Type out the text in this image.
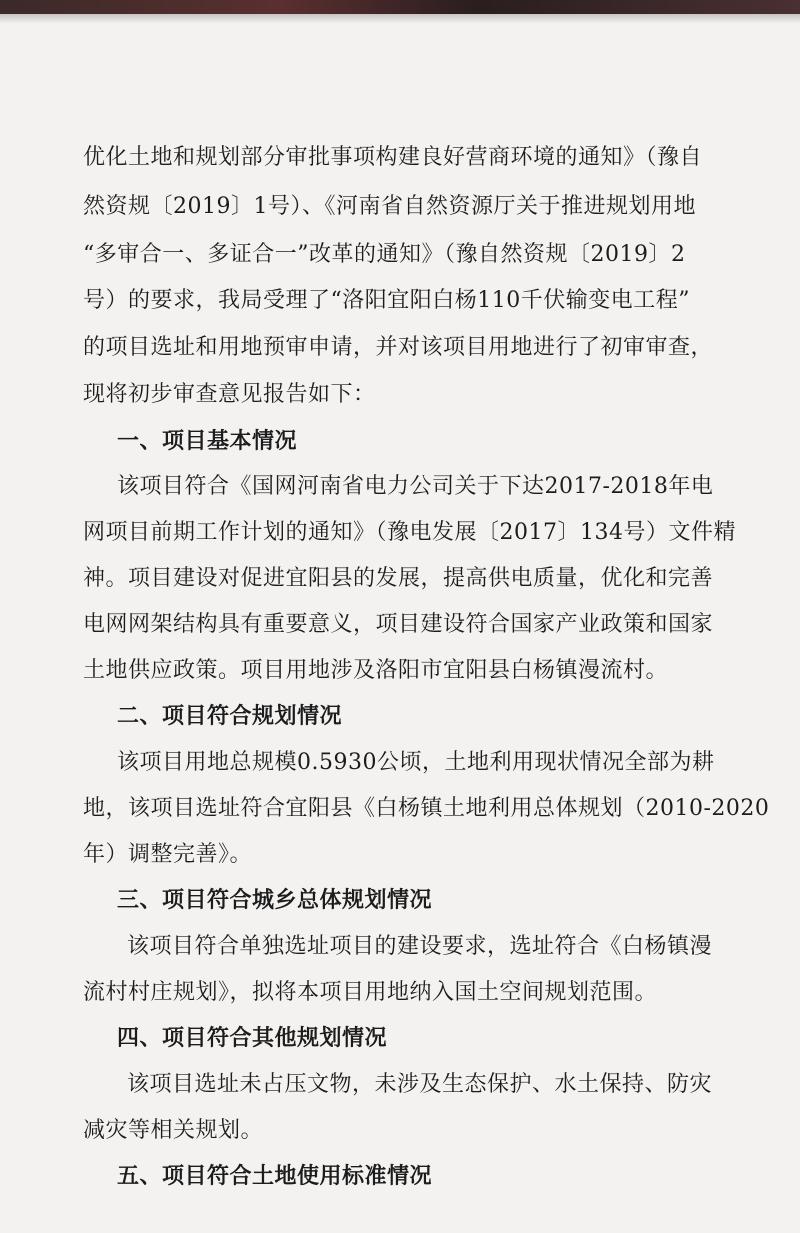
优化土地和规划部分审批事项构建良好营商环境的通知》（豫自
然资规〔2019〕1号）、《河南省自然资源厅关于推进规划用地
“多审合一、多证合一”改革的通知》（豫自然资规〔2019〕2
号）的要求，我局受理了“洛阳宜阳白杨110千伏输变电工程”
的项目选址和用地预审申请，并对该项目用地进行了初审审查，
现将初步审查意见报告如下：
一、项目基本情况
该项目符合《国网河南省电力公司关于下达2017-2018年电
网项目前期工作计划的通知》（豫电发展〔2017〕134号）文件精
神。项目建设对促进宜阳县的发展，提高供电质量，优化和完善
电网网架结构具有重要意义，项目建设符合国家产业政策和国家
土地供应政策。项目用地涉及洛阳市宜阳县白杨镇漫流村。
二、项目符合规划情况
该项目用地总规模0.5930公顷，土地利用现状情况全部为耕
地，该项目选址符合宜阳县《白杨镇土地利用总体规划（2010-2020
年）调整完善》。
三、项目符合城乡总体规划情况
该项目符合单独选址项目的建设要求，选址符合《白杨镇漫
流村村庄规划》，拟将本项目用地纳入国土空间规划范围。
四、项目符合其他规划情况
该项目选址未占压文物，未涉及生态保护、水土保持、防灾
减灾等相关规划。
五、项目符合土地使用标准情况
